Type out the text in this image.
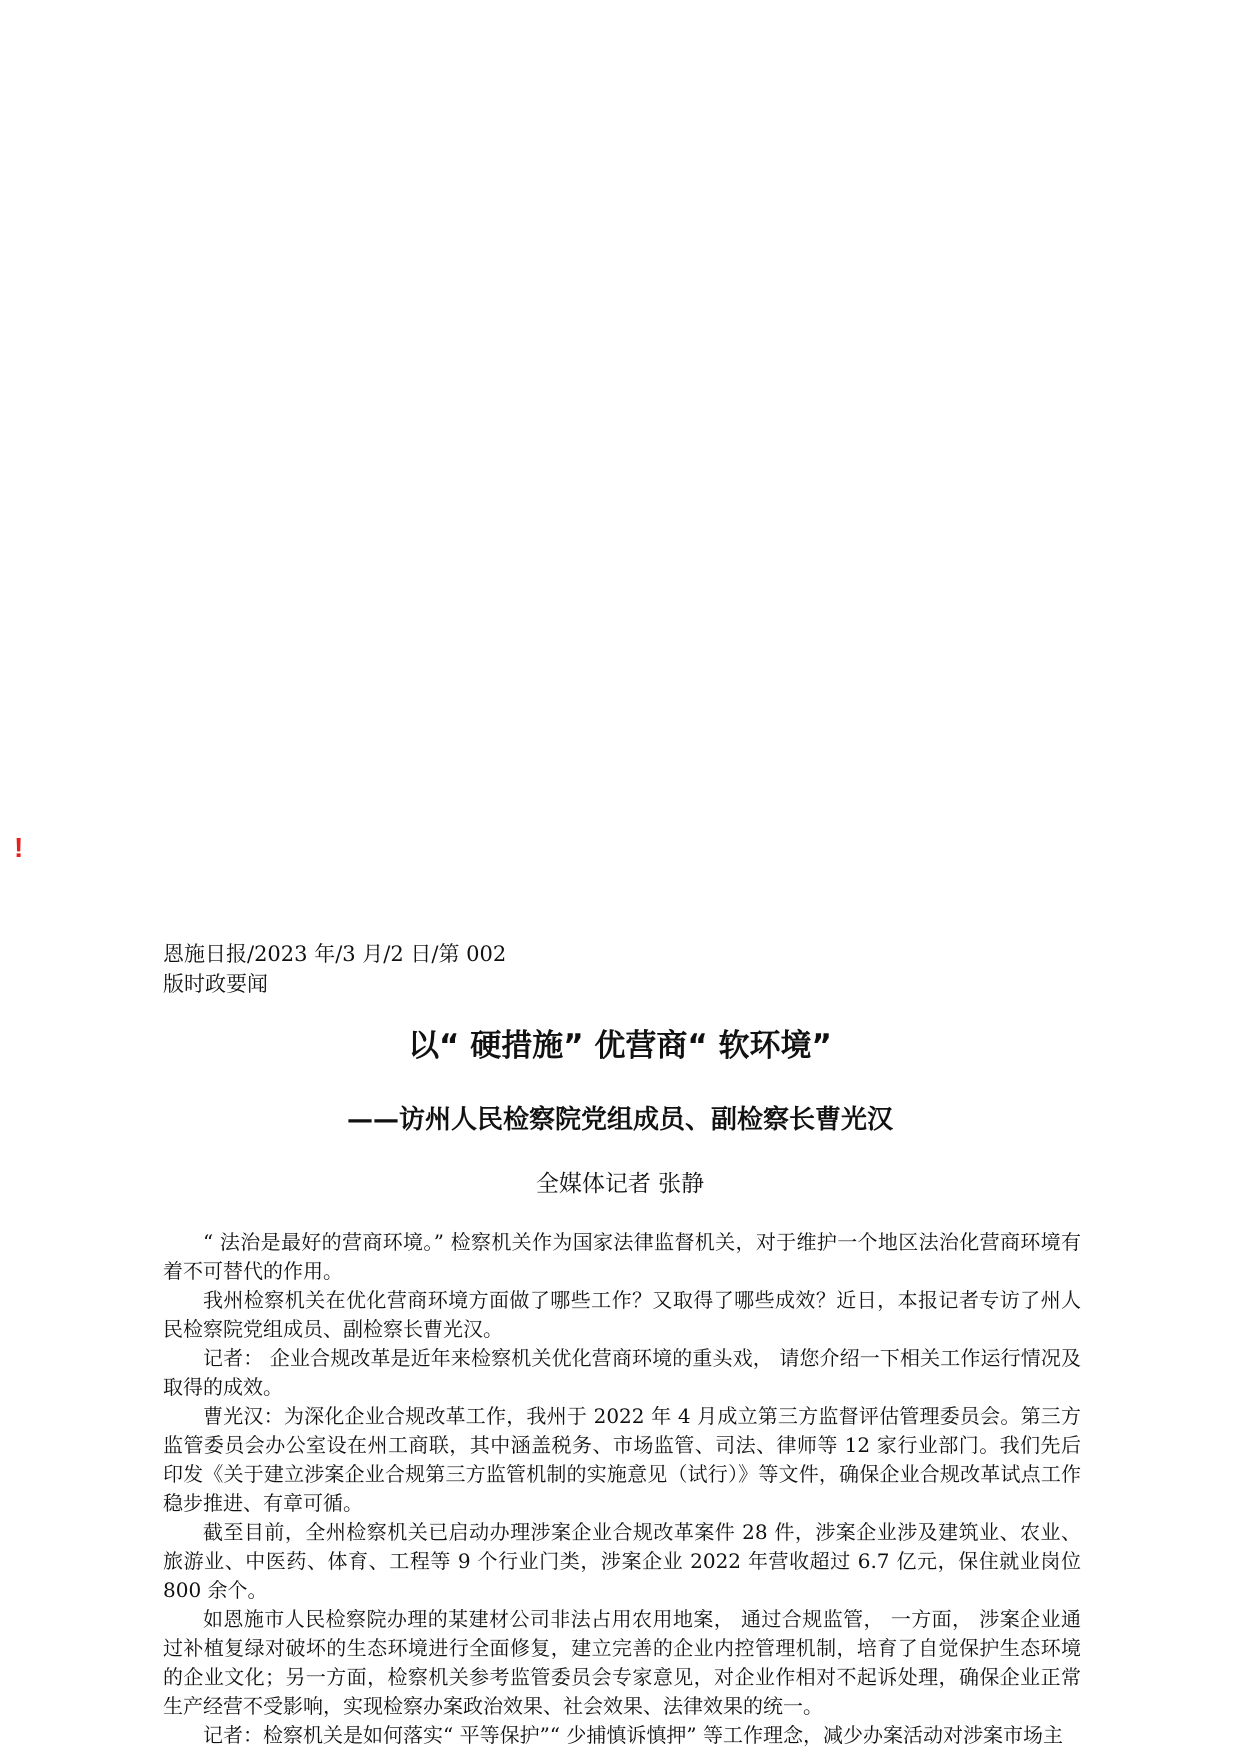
!
恩施日报/2023 年/3 月/2 日/第 002
版时政要闻
以“ 硬措施” 优营商“ 软环境”
——访州人民检察院党组成员、副检察长曹光汉
全媒体记者 张静

“ 法治是最好的营商环境。” 检察机关作为国家法律监督机关，对于维护一个地区法治化营商环境有着不可替代的作用。

我州检察机关在优化营商环境方面做了哪些工作？又取得了哪些成效？近日，本报记者专访了州人民检察院党组成员、副检察长曹光汉。

记者： 企业合规改革是近年来检察机关优化营商环境的重头戏， 请您介绍一下相关工作运行情况及取得的成效。

曹光汉：为深化企业合规改革工作，我州于 2022 年 4 月成立第三方监督评估管理委员会。第三方监管委员会办公室设在州工商联，其中涵盖税务、市场监管、司法、律师等 12 家行业部门。我们先后印发《关于建立涉案企业合规第三方监管机制的实施意见（试行）》等文件，确保企业合规改革试点工作稳步推进、有章可循。

截至目前，全州检察机关已启动办理涉案企业合规改革案件 28 件，涉案企业涉及建筑业、农业、旅游业、中医药、体育、工程等 9 个行业门类，涉案企业 2022 年营收超过 6.7 亿元，保住就业岗位 800 余个。

如恩施市人民检察院办理的某建材公司非法占用农用地案， 通过合规监管， 一方面， 涉案企业通过补植复绿对破坏的生态环境进行全面修复，建立完善的企业内控管理机制，培育了自觉保护生态环境的企业文化；另一方面，检察机关参考监管委员会专家意见，对企业作相对不起诉处理，确保企业正常生产经营不受影响，实现检察办案政治效果、社会效果、法律效果的统一。

记者：检察机关是如何落实“ 平等保护”“ 少捕慎诉慎押” 等工作理念，减少办案活动对涉案市场主
